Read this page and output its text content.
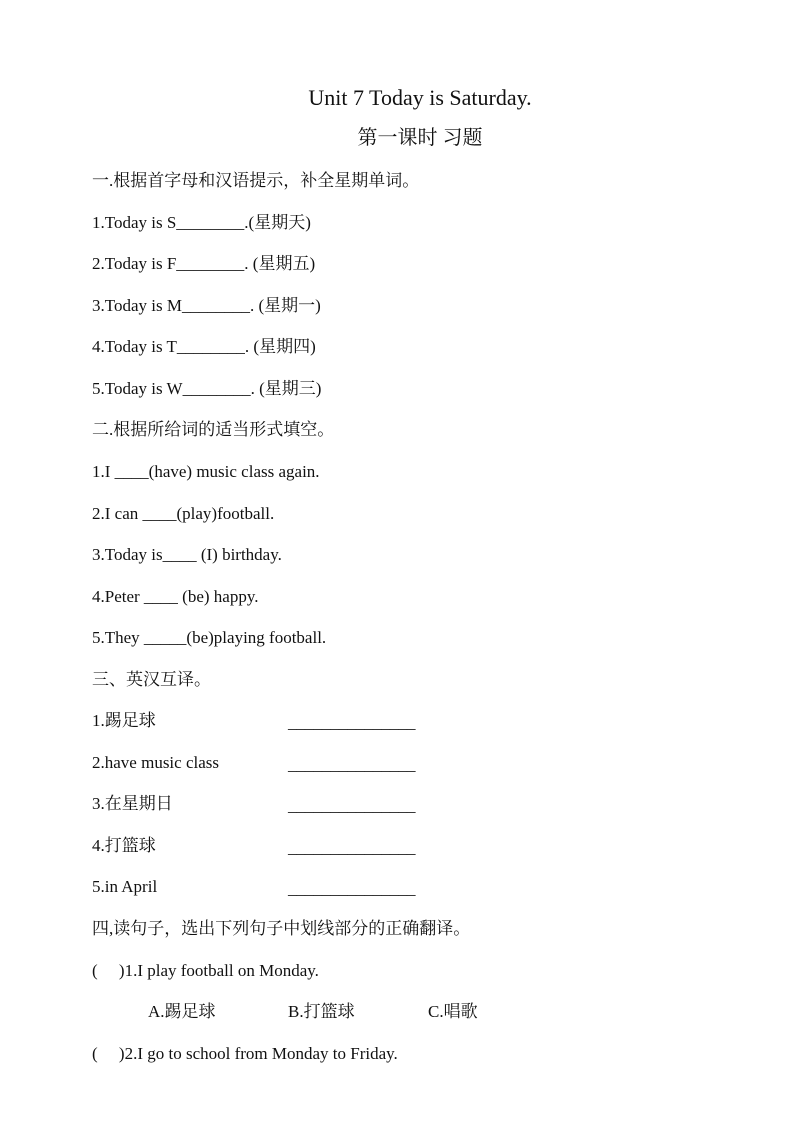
Unit 7 Today is Saturday.
第一课时 习题
一.根据首字母和汉语提示，补全星期单词。
1.Today is S________.(星期天)
2.Today is F________. (星期五)
3.Today is M________. (星期一)
4.Today is T________. (星期四)
5.Today is W________. (星期三)
二.根据所给词的适当形式填空。
1.I ____(have) music class again.
2.I can ____(play)football.
3.Today is____ (I) birthday.
4.Peter ____ (be) happy.
5.They _____(be)playing football.
三、英汉互译。
1.踢足球	_______________
2.have music class	_______________
3.在星期日	_______________
4.打篮球	_______________
5.in April	_______________
四,读句子，选出下列句子中划线部分的正确翻译。
(     )1.I play football on Monday.
A.踢足球	B.打篮球	C.唱歌
(     )2.I go to school from Monday to Friday.
